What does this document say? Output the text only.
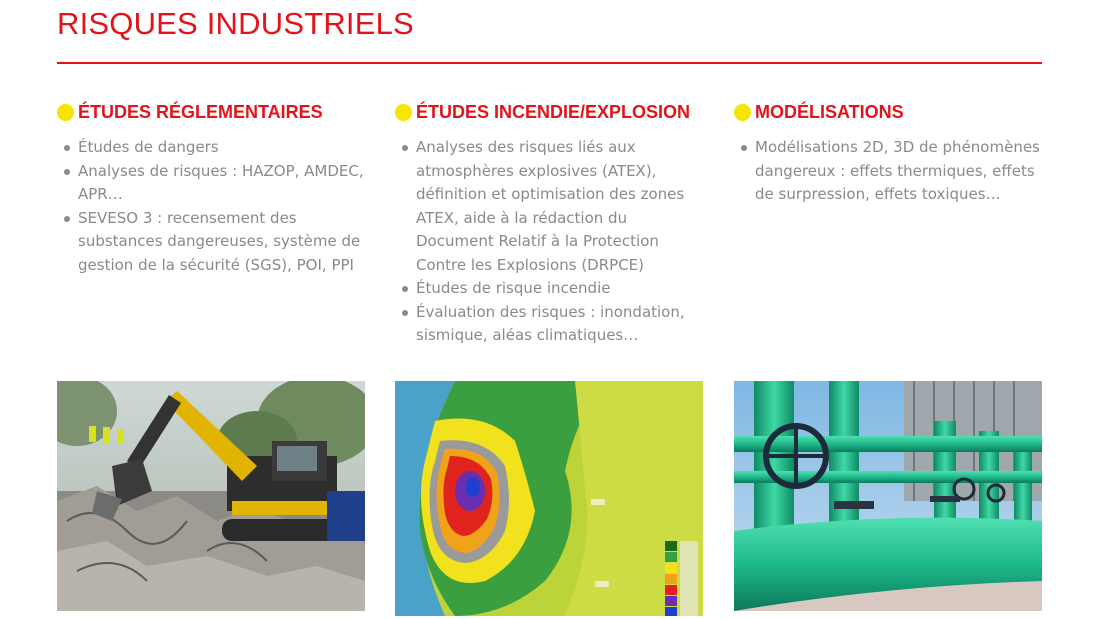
RISQUES INDUSTRIELS
ÉTUDES RÉGLEMENTAIRES
Études de dangers
Analyses de risques : HAZOP, AMDEC, APR…
SEVESO 3 : recensement des substances dangereuses, système de gestion de la sécurité (SGS), POI, PPI
ÉTUDES INCENDIE/EXPLOSION
Analyses des risques liés aux atmosphères explosives (ATEX), définition et optimisation des zones ATEX, aide à la rédaction du Document Relatif à la Protection Contre les Explosions (DRPCE)
Études de risque incendie
Évaluation des risques : inondation, sismique, aléas climatiques…
MODÉLISATIONS
Modélisations 2D, 3D de phénomènes dangereux : effets thermiques, effets de surpression, effets toxiques…
